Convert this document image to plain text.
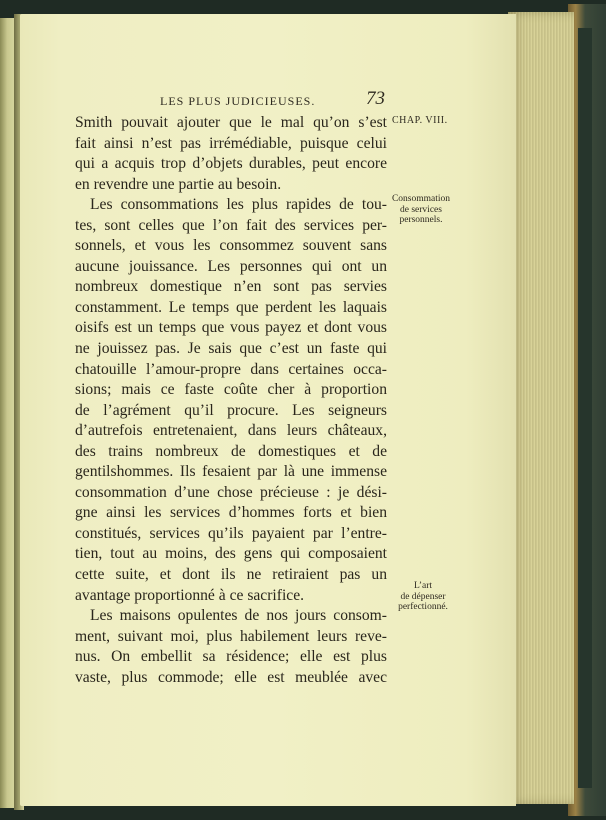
LES PLUS JUDICIEUSES.	73
CHAP. VIII.
Smith pouvait ajouter que le mal qu’on s’est
fait ainsi n’est pas irrémédiable, puisque celui
qui a acquis trop d’objets durables, peut encore
en revendre une partie au besoin.
Les consommations les plus rapides de tou-
tes, sont celles que l’on fait des services per-
sonnels, et vous les consommez souvent sans
aucune jouissance. Les personnes qui ont un
nombreux domestique n’en sont pas servies
constamment. Le temps que perdent les laquais
oisifs est un temps que vous payez et dont vous
ne jouissez pas. Je sais que c’est un faste qui
chatouille l’amour-propre dans certaines occa-
sions; mais ce faste coûte cher à proportion
de l’agrément qu’il procure. Les seigneurs
d’autrefois entretenaient, dans leurs châteaux,
des trains nombreux de domestiques et de
gentilshommes. Ils fesaient par là une immense
consommation d’une chose précieuse : je dési-
gne ainsi les services d’hommes forts et bien
constitués, services qu’ils payaient par l’entre-
tien, tout au moins, des gens qui composaient
cette suite, et dont ils ne retiraient pas un
avantage proportionné à ce sacrifice.
Les maisons opulentes de nos jours consom-
ment, suivant moi, plus habilement leurs reve-
nus. On embellit sa résidence; elle est plus
vaste, plus commode; elle est meublée avec
Consommation
de services
personnels.
L’art
de dépenser
perfectionné.
